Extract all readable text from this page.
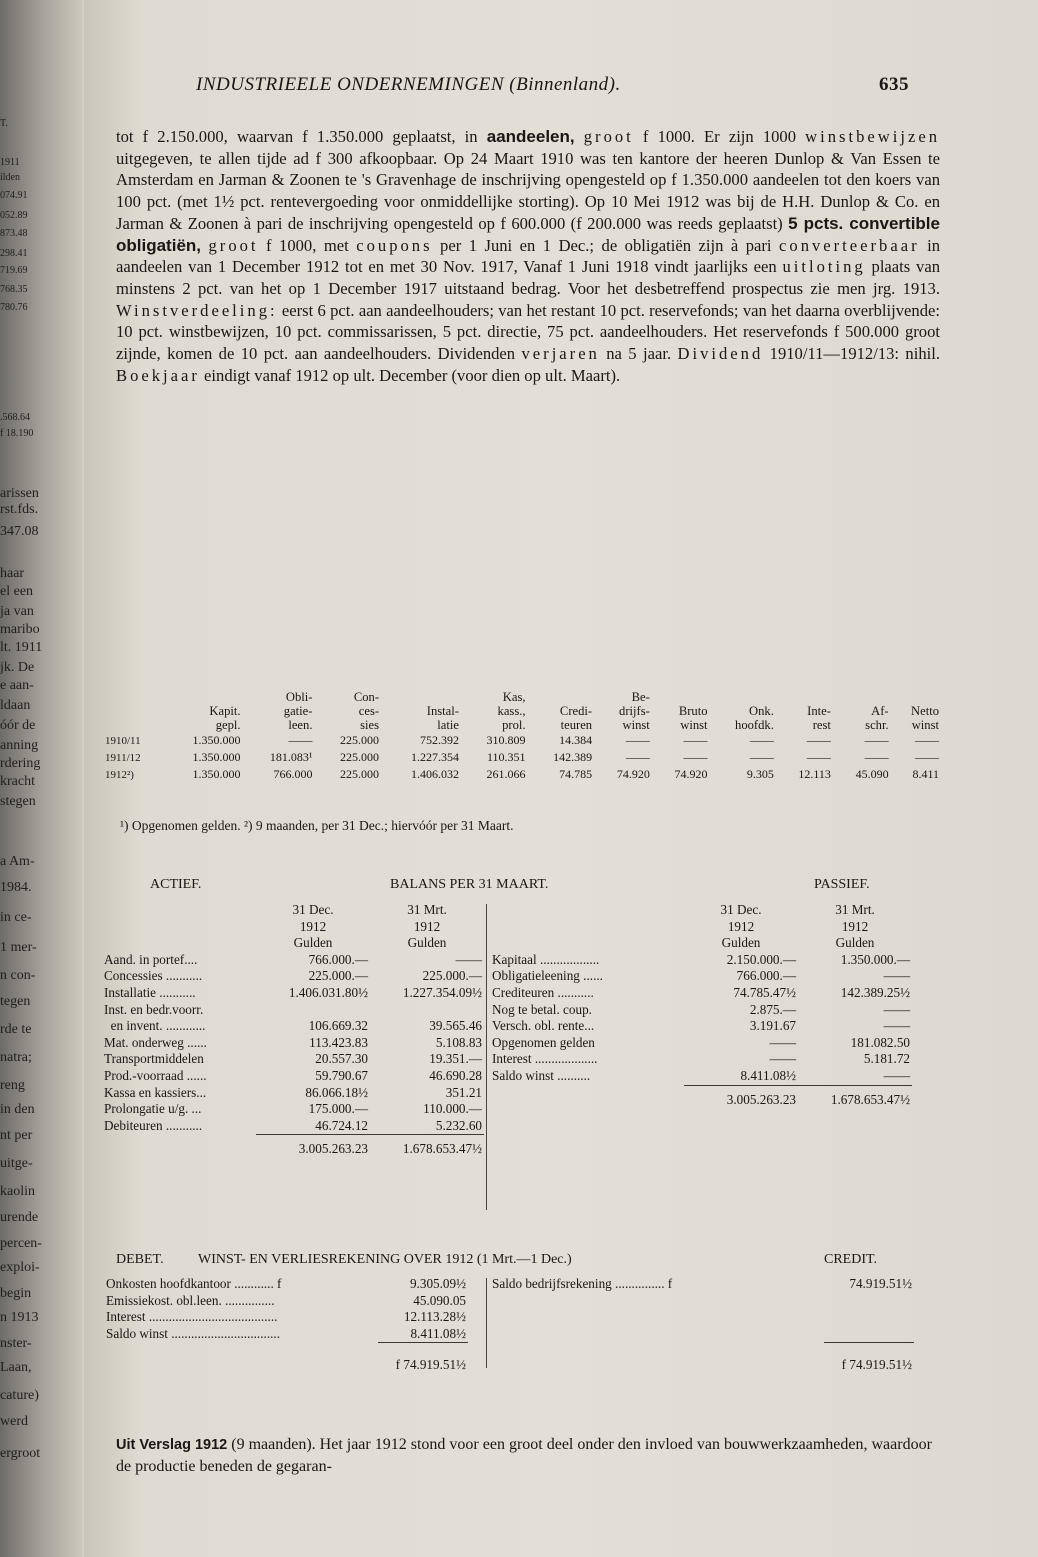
T.
1911
ilden
074.91
052.89
873.48
298.41
719.69
768.35
780.76
.568.64
f 18.190
arissen
rst.fds.
347.08
haar
el een
ja van
maribo
lt. 1911
jk. De
e aan-
ldaan
óór de
anning
rdering
kracht
stegen
a Am-
1984.
in ce-
1 mer-
n con-
tegen
rde te
natra;
reng
in den
nt per
uitge-
kaolin
urende
percen-
exploi-
begin
n 1913
nster-
Laan,
cature)
werd
ergroot
INDUSTRIEELE ONDERNEMINGEN (Binnenland).	635

tot f 2.150.000, waarvan f 1.350.000 geplaatst, in aandeelen, groot f 1000. Er zijn 1000 winstbewijzen uitgegeven, te allen tijde ad f 300 afkoopbaar. Op 24 Maart 1910 was ten kantore der heeren Dunlop & Van Essen te Amsterdam en Jarman & Zoonen te 's Gravenhage de inschrijving opengesteld op f 1.350.000 aandeelen tot den koers van 100 pct. (met 1½ pct. rentevergoeding voor onmiddellijke storting). Op 10 Mei 1912 was bij de H.H. Dunlop & Co. en Jarman & Zoonen à pari de inschrijving opengesteld op f 600.000 (f 200.000 was reeds geplaatst) 5 pcts. convertible obligatiën, groot f 1000, met coupons per 1 Juni en 1 Dec.; de obligatiën zijn à pari converteerbaar in aandeelen van 1 December 1912 tot en met 30 Nov. 1917, Vanaf 1 Juni 1918 vindt jaarlijks een uitloting plaats van minstens 2 pct. van het op 1 December 1917 uitstaand bedrag. Voor het desbetreffend prospectus zie men jrg. 1913. Winstverdeeling: eerst 6 pct. aan aandeelhouders; van het restant 10 pct. reservefonds; van het daarna overblijvende: 10 pct. winstbewijzen, 10 pct. commissarissen, 5 pct. directie, 75 pct. aandeelhouders. Het reservefonds f 500.000 groot zijnde, komen de 10 pct. aan aandeelhouders. Dividenden verjaren na 5 jaar. Dividend 1910/11—1912/13: nihil. Boekjaar eindigt vanaf 1912 op ult. December (voor dien op ult. Maart).

		Obli-	Con-		Kas,		Be-					
	Kapit.	gatie-	ces-	Instal-	kass.,	Credi-	drijfs-	Bruto	Onk.	Inte-	Af-	Netto
	gepl.	leen.	sies	latie	prol.	teuren	winst	winst	hoofdk.	rest	schr.	winst
1910/11	1.350.000	——	225.000	752.392	310.809	14.384	——	——	——	——	——	——
1911/12	1.350.000	181.083¹	225.000	1.227.354	110.351	142.389	——	——	——	——	——	——
1912²)	1.350.000	766.000	225.000	1.406.032	261.066	74.785	74.920	74.920	9.305	12.113	45.090	8.411
¹) Opgenomen gelden. ²) 9 maanden, per 31 Dec.; hiervóór per 31 Maart.
ACTIEF.	BALANS PER 31 MAART.	PASSIEF.
	31 Dec.	31 Mrt.
	1912	1912
	Gulden	Gulden
Aand. in portef....	766.000.—	——
Concessies ...........	225.000.—	225.000.—
Installatie ...........	1.406.031.80½	1.227.354.09½
Inst. en bedr.voorr.		
en invent. ............	106.669.32	39.565.46
Mat. onderweg ......	113.423.83	5.108.83
Transportmiddelen	20.557.30	19.351.—
Prod.-voorraad ......	59.790.67	46.690.28
Kassa en kassiers...	86.066.18½	351.21
Prolongatie u/g. ...	175.000.—	110.000.—
Debiteuren ...........	46.724.12	5.232.60
	3.005.263.23	1.678.653.47½
	31 Dec.	31 Mrt.
	1912	1912
	Gulden	Gulden
Kapitaal ..................	2.150.000.—	1.350.000.—
Obligatieleening ......	766.000.—	——
Crediteuren ...........	74.785.47½	142.389.25½
Nog te betal. coup.	2.875.—	——
Versch. obl. rente...	3.191.67	——
Opgenomen gelden	——	181.082.50
Interest ...................	——	5.181.72
Saldo winst ..........	8.411.08½	——
	3.005.263.23	1.678.653.47½
DEBET. WINST- EN VERLIESREKENING OVER 1912 (1 Mrt.—1 Dec.)	CREDIT.
Onkosten hoofdkantoor ............ f	9.305.09½
Emissiekost. obl.leen. ...............	45.090.05
Interest .......................................	12.113.28½
Saldo winst .................................	8.411.08½
	f 74.919.51½
Saldo bedrijfsrekening ............... f	74.919.51½

	f 74.919.51½
Uit Verslag 1912 (9 maanden). Het jaar 1912 stond voor een groot deel onder den invloed van bouwwerkzaamheden, waardoor de productie beneden de gegaran-
